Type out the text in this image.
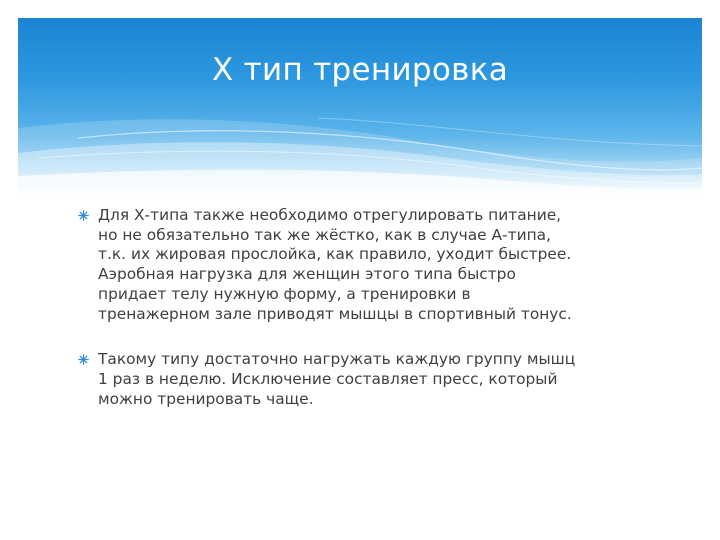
X тип тренировка
Для Х-типа также необходимо отрегулировать питание,
но не обязательно так же жёстко, как в случае А-типа,
т.к. их жировая прослойка, как правило, уходит быстрее.
Аэробная нагрузка для женщин этого типа быстро
придает телу нужную форму, а тренировки в
тренажерном зале приводят мышцы в спортивный тонус.
Такому типу достаточно нагружать каждую группу мышц
1 раз в неделю. Исключение составляет пресс, который
можно тренировать чаще.
